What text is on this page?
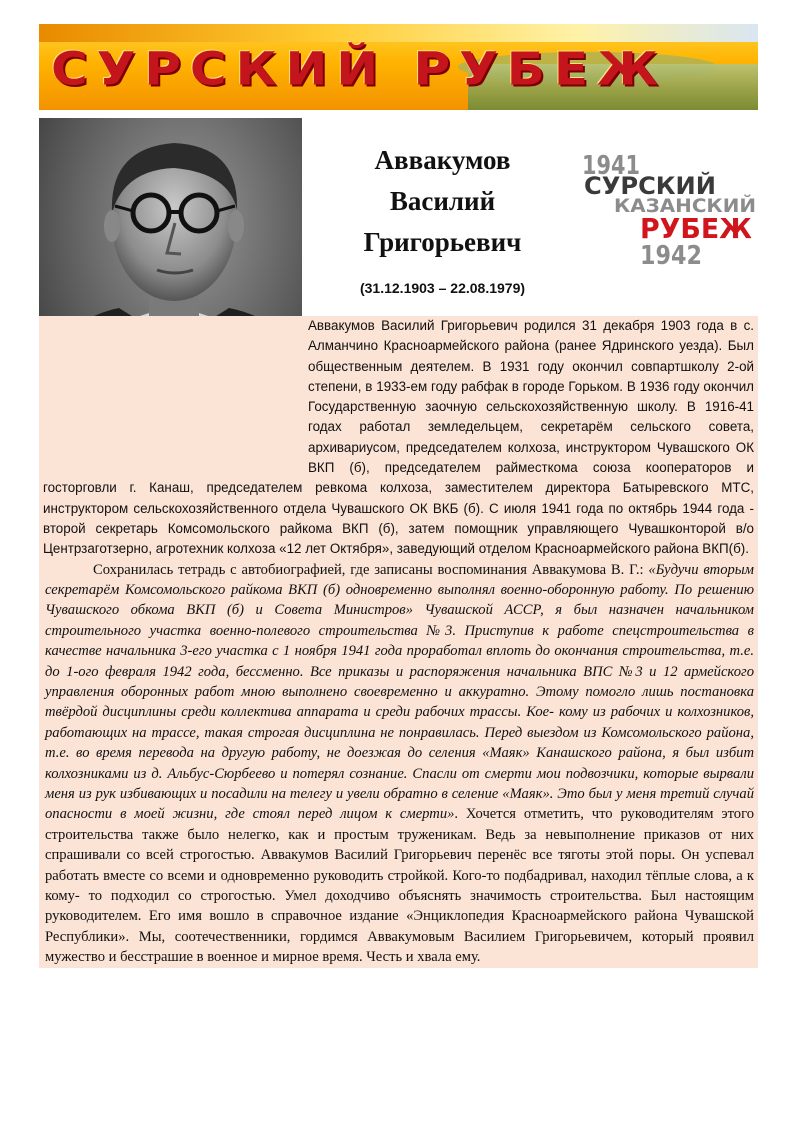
СУРСКИЙ РУБЕЖ
Аввакумов
Василий
Григорьевич
(31.12.1903 – 22.08.1979)
1941
СУРСКИЙ
КАЗАНСКИЙ
РУБЕЖ
1942

Аввакумов Василий Григорьевич родился 31 декабря 1903 года в с. Алманчино Красноармейского района (ранее Ядринского уезда). Был общественным деятелем. В 1931 году окончил совпартшколу 2-ой степени, в 1933-ем году рабфак в городе Горьком. В 1936 году окончил Государственную заочную сельскохозяйственную школу. В 1916-41 годах работал земледельцем, секретарём сельского совета, архивариусом, председателем колхоза, инструктором Чувашского ОК ВКП (б), председателем райместкома союза кооператоров и госторговли г. Канаш, председателем ревкома колхоза, заместителем директора Батыревского МТС, инструктором сельскохозяйственного отдела Чувашского ОК ВКБ (б). С июля 1941 года по октябрь 1944 года - второй секретарь Комсомольского райкома ВКП (б), затем помощник управляющего Чувашконторой в/о Центрзаготзерно, агротехник колхоза «12 лет Октября», заведующий отделом Красноармейского района ВКП(б).

Сохранилась тетрадь с автобиографией, где записаны воспоминания Аввакумова В. Г.: «Будучи вторым секретарём Комсомольского райкома ВКП (б) одновременно выполнял военно-оборонную работу. По решению Чувашского обкома ВКП (б) и Совета Министров» Чувашской АССР, я был назначен начальником строительного участка военно-полевого строительства №3. Приступив к работе спецстроительства в качестве начальника 3-его участка с 1 ноября 1941 года проработал вплоть до окончания строительства, т.е. до 1-ого февраля 1942 года, бессменно. Все приказы и распоряжения начальника ВПС №3 и 12 армейского управления оборонных работ мною выполнено своевременно и аккуратно. Этому помогло лишь постановка твёрдой дисциплины среди коллектива аппарата и среди рабочих трассы. Кое- кому из рабочих и колхозников, работающих на трассе, такая строгая дисциплина не понравилась. Перед выездом из Комсомольского района, т.е. во время перевода на другую работу, не доезжая до селения «Маяк» Канашского района, я был избит колхозниками из д. Альбус-Сюрбеево и потерял сознание. Спасли от смерти мои подвозчики, которые вырвали меня из рук избивающих и посадили на телегу и увели обратно в селение «Маяк». Это был у меня третий случай опасности в моей жизни, где стоял перед лицом к смерти». Хочется отметить, что руководителям этого строительства также было нелегко, как и простым труженикам. Ведь за невыполнение приказов от них спрашивали со всей строгостью. Аввакумов Василий Григорьевич перенёс все тяготы этой поры. Он успевал работать вместе со всеми и одновременно руководить стройкой. Кого-то подбадривал, находил тёплые слова, а к кому- то подходил со строгостью. Умел доходчиво объяснять значимость строительства. Был настоящим руководителем. Его имя вошло в справочное издание «Энциклопедия Красноармейского района Чувашской Республики». Мы, соотечественники, гордимся Аввакумовым Василием Григорьевичем, который проявил мужество и бесстрашие в военное и мирное время. Честь и хвала ему.
